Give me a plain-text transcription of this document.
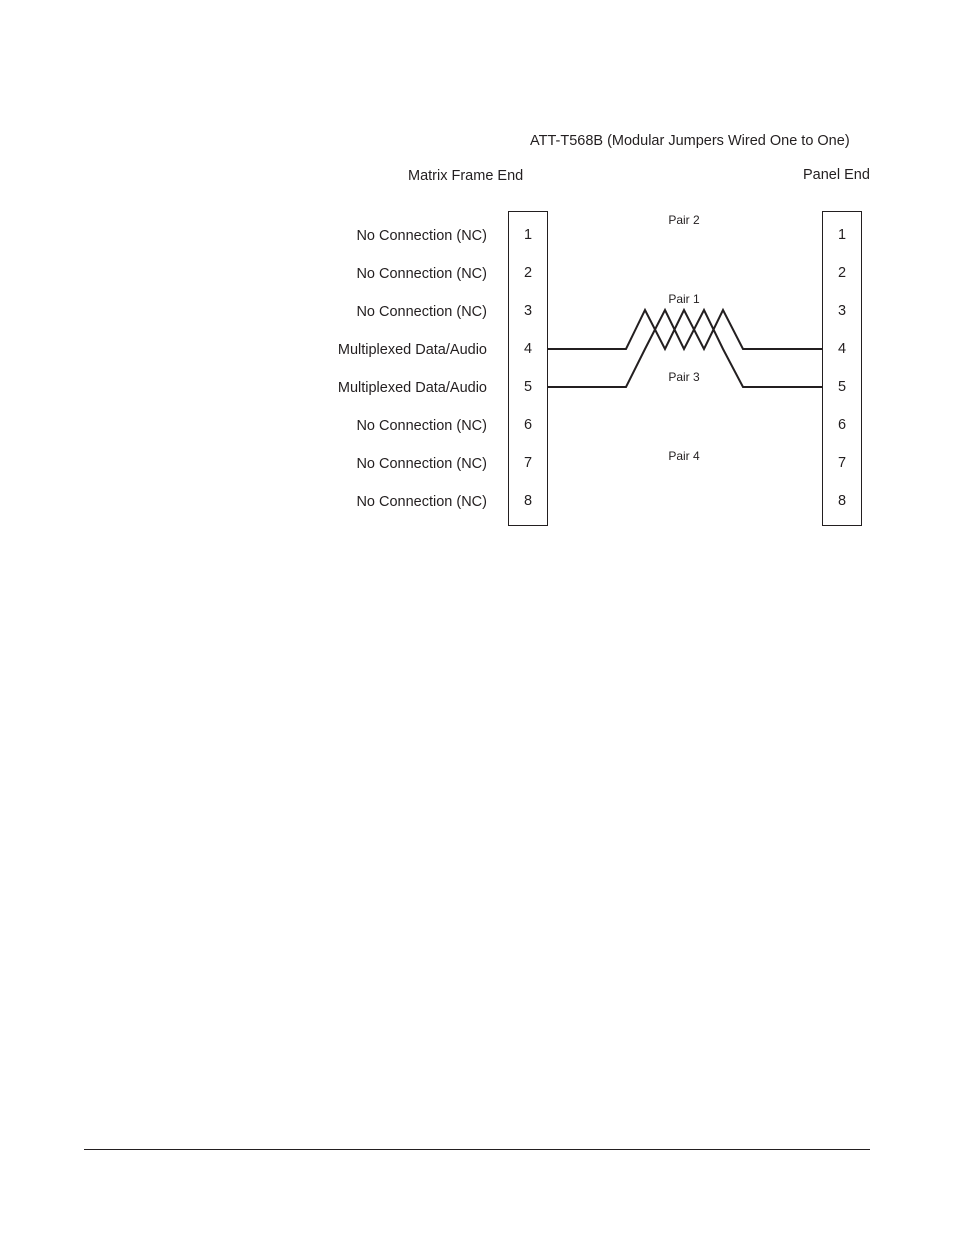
ATT-T568B (Modular Jumpers Wired One to One)
Matrix Frame End	Panel End
No Connection (NC)
No Connection (NC)
No Connection (NC)
Multiplexed Data/Audio
Multiplexed Data/Audio
No Connection (NC)
No Connection (NC)
No Connection (NC)
1
2
3
4
5
6
7
8
1
2
3
4
5
6
7
8
Pair 2
Pair 1
Pair 3
Pair 4
